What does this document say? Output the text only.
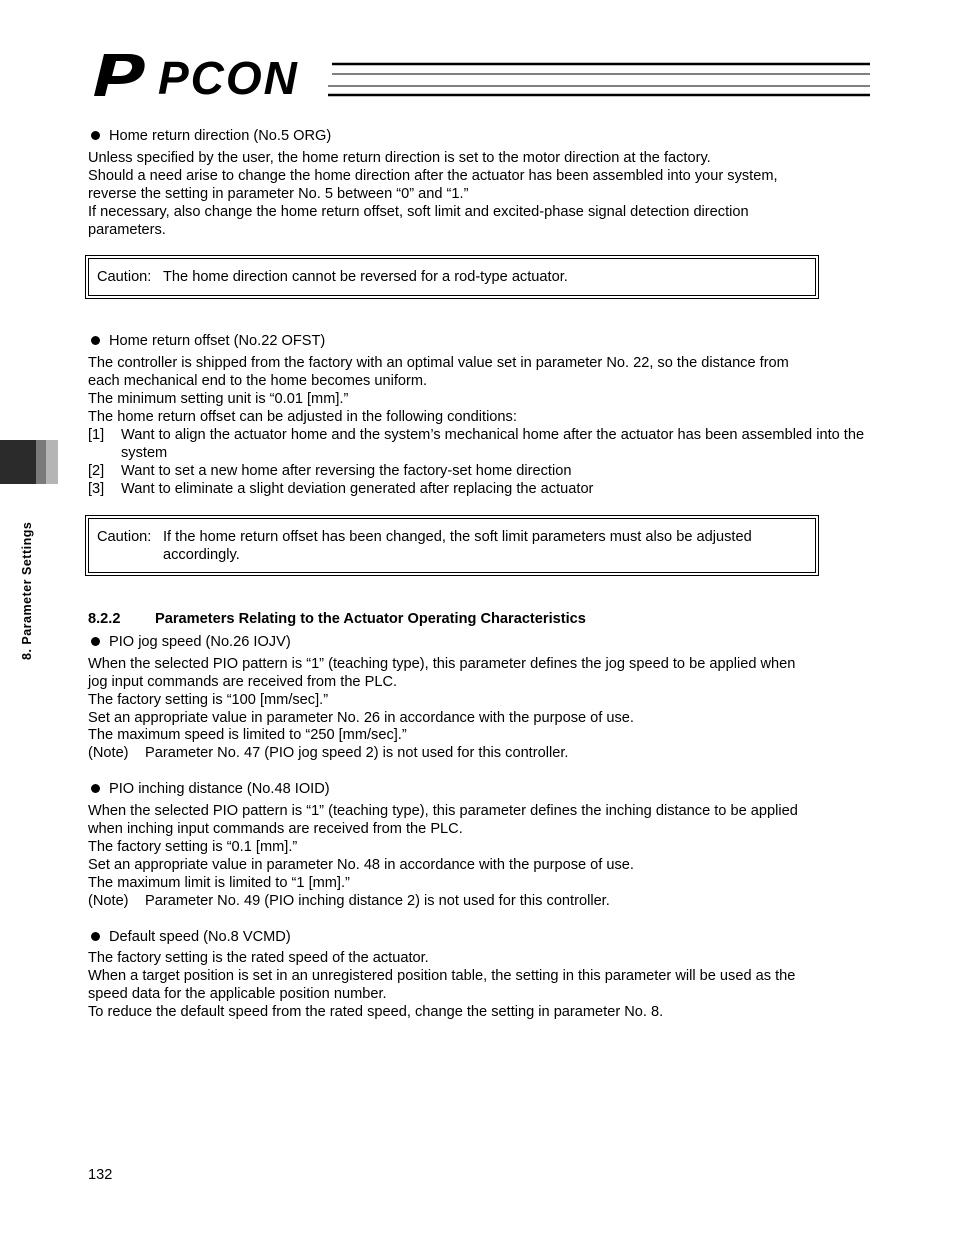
PCON
8. Parameter Settings
Home return direction (No.5 ORG)
Unless specified by the user, the home return direction is set to the motor direction at the factory.
Should a need arise to change the home direction after the actuator has been assembled into your system,
reverse the setting in parameter No. 5 between “0” and “1.”
If necessary, also change the home return offset, soft limit and excited-phase signal detection direction
parameters.
Caution: The home direction cannot be reversed for a rod-type actuator.
Home return offset (No.22 OFST)
The controller is shipped from the factory with an optimal value set in parameter No. 22, so the distance from
each mechanical end to the home becomes uniform.
The minimum setting unit is “0.01 [mm].”
The home return offset can be adjusted in the following conditions:
[1] Want to align the actuator home and the system’s mechanical home after the actuator has been assembled into the system
[2] Want to set a new home after reversing the factory-set home direction
[3] Want to eliminate a slight deviation generated after replacing the actuator
Caution: If the home return offset has been changed, the soft limit parameters must also be adjusted accordingly.
8.2.2 Parameters Relating to the Actuator Operating Characteristics
PIO jog speed (No.26 IOJV)
When the selected PIO pattern is “1” (teaching type), this parameter defines the jog speed to be applied when
jog input commands are received from the PLC.
The factory setting is “100 [mm/sec].”
Set an appropriate value in parameter No. 26 in accordance with the purpose of use.
The maximum speed is limited to “250 [mm/sec].”
(Note) Parameter No. 47 (PIO jog speed 2) is not used for this controller.
PIO inching distance (No.48 IOID)
When the selected PIO pattern is “1” (teaching type), this parameter defines the inching distance to be applied
when inching input commands are received from the PLC.
The factory setting is “0.1 [mm].”
Set an appropriate value in parameter No. 48 in accordance with the purpose of use.
The maximum limit is limited to “1 [mm].”
(Note) Parameter No. 49 (PIO inching distance 2) is not used for this controller.
Default speed (No.8 VCMD)
The factory setting is the rated speed of the actuator.
When a target position is set in an unregistered position table, the setting in this parameter will be used as the
speed data for the applicable position number.
To reduce the default speed from the rated speed, change the setting in parameter No. 8.
132
